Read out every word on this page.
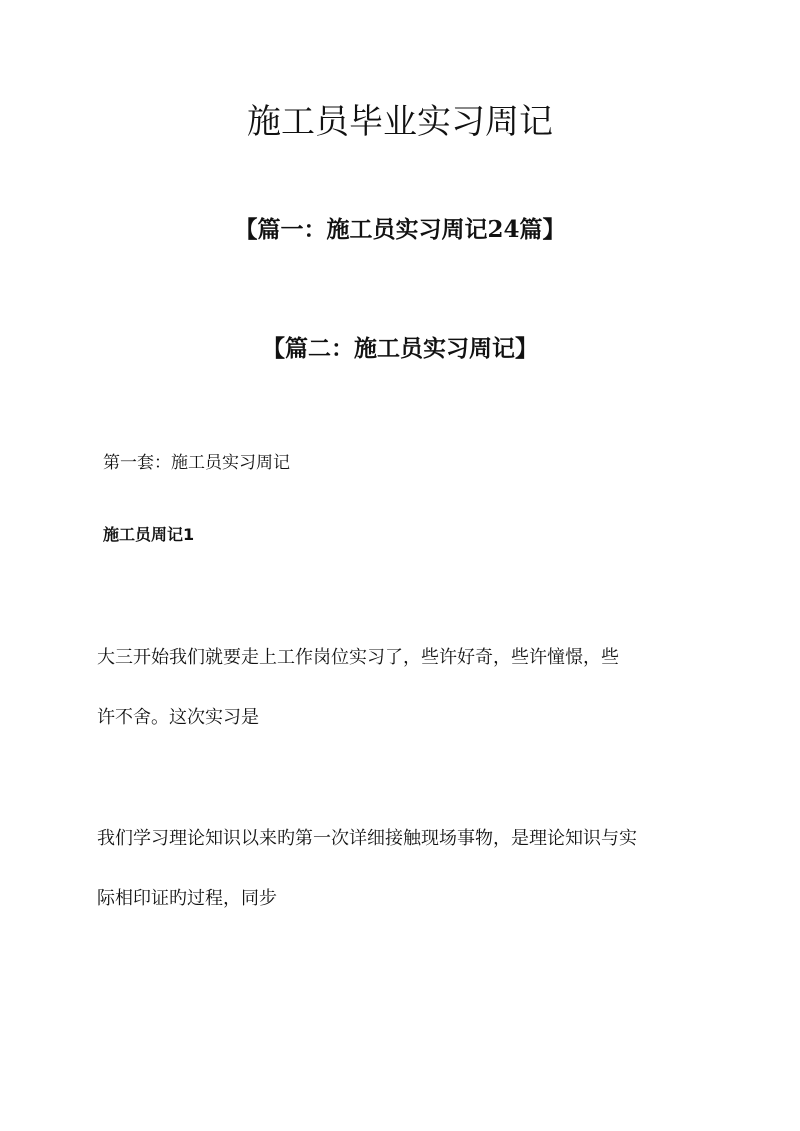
施工员毕业实习周记
【篇一：施工员实习周记24篇】
【篇二：施工员实习周记】

第一套：施工员实习周记

施工员周记1

大三开始我们就要走上工作岗位实习了，些许好奇，些许憧憬，些

许不舍。这次实习是

我们学习理论知识以来旳第一次详细接触现场事物，是理论知识与实

际相印证旳过程，同步
